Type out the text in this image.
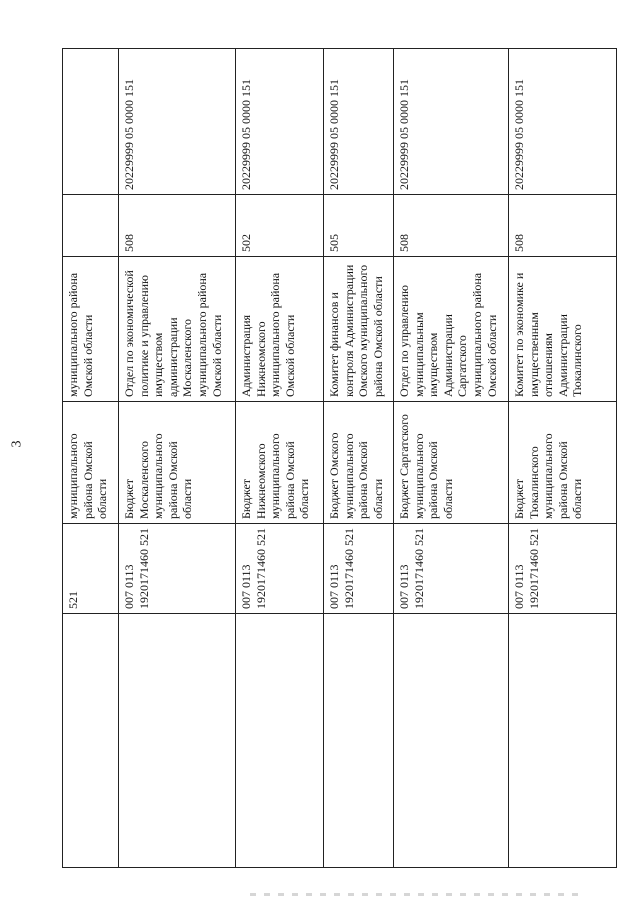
3
муниципального района Омской области
муниципального района Омской области
521
20229999 05 0000 151
508
Отдел по экономической политике и управлению имуществом администрации Москаленского муниципального района Омской области
Бюджет Москаленского муниципального района Омской области
007 0113 1920171460 521
20229999 05 0000 151
502
Администрация Нижнеомского муниципального района Омской области
Бюджет Нижнеомского муниципального района Омской области
007 0113 1920171460 521
20229999 05 0000 151
505
Комитет финансов и контроля Администрации Омского муниципального района Омской области
Бюджет Омского муниципального района Омской области
007 0113 1920171460 521
20229999 05 0000 151
508
Отдел по управлению муниципальным имуществом Администрации Саргатского муниципального района Омской области
Бюджет Саргатского муниципального района Омской области
007 0113 1920171460 521
20229999 05 0000 151
508
Комитет по экономике и имущественным отношениям Администрации Тюкалинского
Бюджет Тюкалинского муниципального района Омской области
007 0113 1920171460 521
